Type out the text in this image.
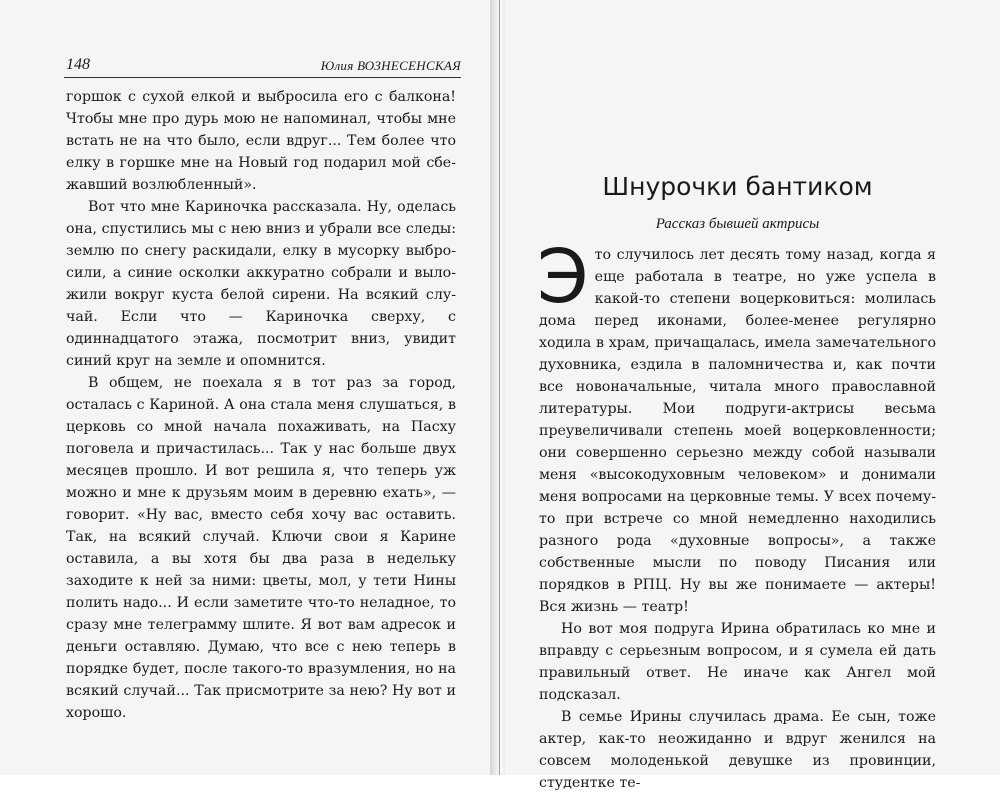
148	Юлия ВОЗНЕСЕНСКАЯ

горшок с сухой елкой и выбросила его с балкона! Чтобы мне про дурь мою не напоминал, чтобы мне встать не на что было, если вдруг... Тем более что елку в горшке мне на Новый год подарил мой сбежавший возлюбленный».

Вот что мне Кариночка рассказала. Ну, оделась она, спустились мы с нею вниз и убрали все следы: землю по снегу раскидали, елку в мусорку выбросили, а синие осколки аккуратно собрали и выложили вокруг куста белой сирени. На всякий случай. Если что — Кариночка сверху, с одиннадцатого этажа, посмотрит вниз, увидит синий круг на земле и опомнится.

В общем, не поехала я в тот раз за город, осталась с Кариной. А она стала меня слушаться, в церковь со мной начала похаживать, на Пасху поговела и причастилась... Так у нас больше двух месяцев прошло. И вот решила я, что теперь уж можно и мне к друзьям моим в деревню ехать», — говорит. «Ну вас, вместо себя хочу вас оставить. Так, на всякий случай. Ключи свои я Карине оставила, а вы хотя бы два раза в недельку заходите к ней за ними: цветы, мол, у тети Нины полить надо... И если заметите что-то неладное, то сразу мне телеграмму шлите. Я вот вам адресок и деньги оставляю. Думаю, что все с нею теперь в порядке будет, после такого-то вразумления, но на всякий случай... Так присмотрите за нею? Ну вот и хорошо.

Шнурочки бантиком
Рассказ бывшей актрисы

Это случилось лет десять тому назад, когда я еще работала в театре, но уже успела в какой-то степени воцерковиться: молилась дома перед иконами, более-менее регулярно ходила в храм, причащалась, имела замечательного духовника, ездила в паломничества и, как почти все новоначальные, читала много православной литературы. Мои подруги-актрисы весьма преувеличивали степень моей воцерковленности; они совершенно серьезно между собой называли меня «высокодуховным человеком» и донимали меня вопросами на церковные темы. У всех почему-то при встрече со мной немедленно находились разного рода «духовные вопросы», а также собственные мысли по поводу Писания или порядков в РПЦ. Ну вы же понимаете — актеры! Вся жизнь — театр!

Но вот моя подруга Ирина обратилась ко мне и вправду с серьезным вопросом, и я сумела ей дать правильный ответ. Не иначе как Ангел мой подсказал.

В семье Ирины случилась драма. Ее сын, тоже актер, как-то неожиданно и вдруг женился на совсем молоденькой девушке из провинции, студентке те-
